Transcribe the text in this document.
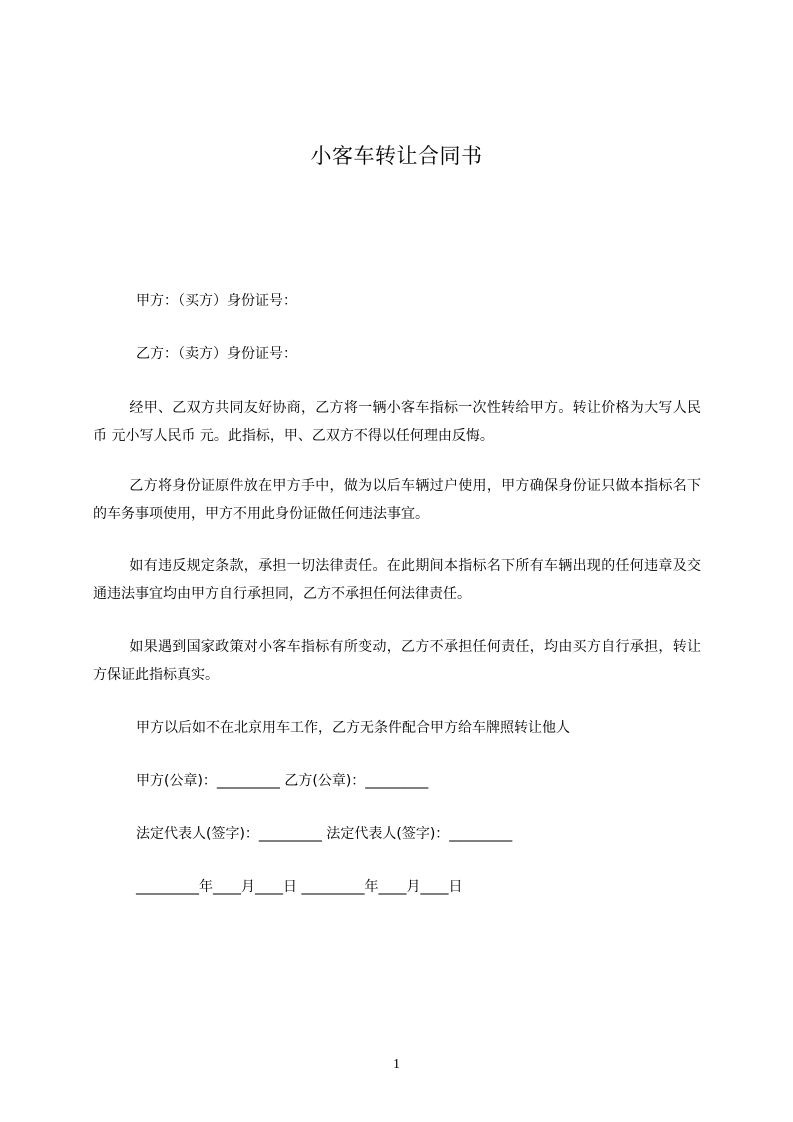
小客车转让合同书
甲方：（买方）身份证号：
乙方：（卖方）身份证号：
经甲、乙双方共同友好协商，乙方将一辆小客车指标一次性转给甲方。转让价格为大写人民币 元小写人民币 元。此指标，甲、乙双方不得以任何理由反悔。
乙方将身份证原件放在甲方手中，做为以后车辆过户使用，甲方确保身份证只做本指标名下的车务事项使用，甲方不用此身份证做任何违法事宜。
如有违反规定条款，承担一切法律责任。在此期间本指标名下所有车辆出现的任何违章及交通违法事宜均由甲方自行承担同，乙方不承担任何法律责任。
如果遇到国家政策对小客车指标有所变动，乙方不承担任何责任，均由买方自行承担，转让方保证此指标真实。
甲方以后如不在北京用车工作，乙方无条件配合甲方给车牌照转让他人
甲方(公章)：_________ 乙方(公章)：_________
法定代表人(签字)：_________ 法定代表人(签字)：_________
_________年____月____日 _________年____月____日
1
